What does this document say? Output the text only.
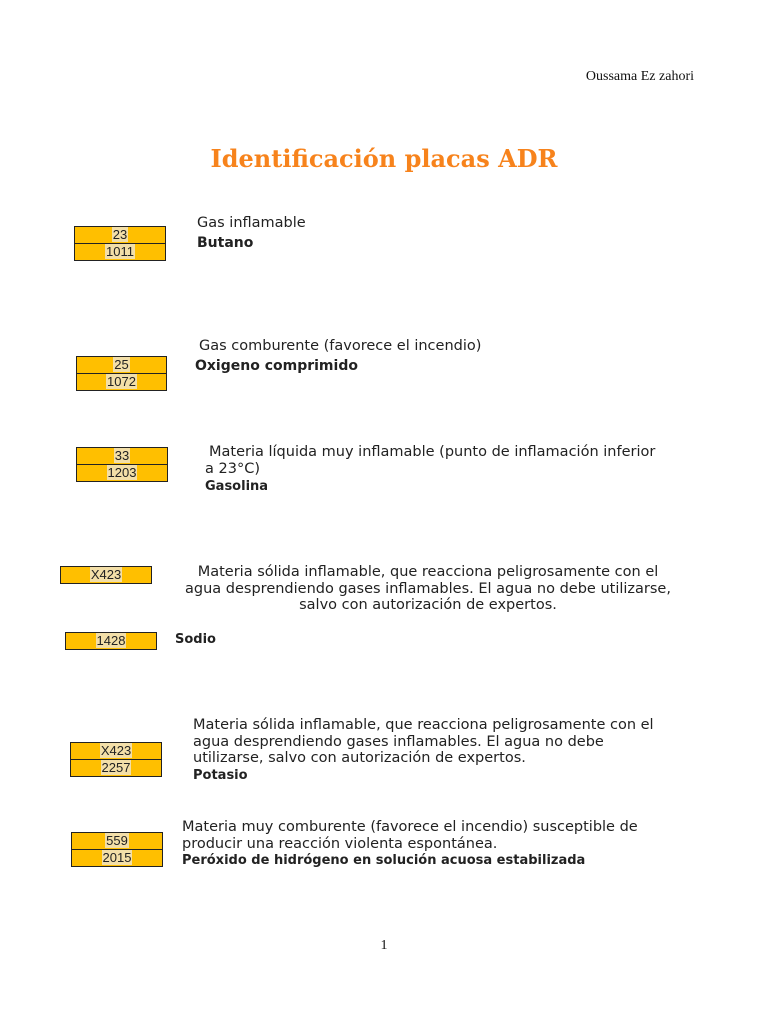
Oussama Ez zahori
Identificación placas ADR
23
1011

Gas inflamable

Butano

25
1072

Gas comburente (favorece el incendio)

Oxigeno comprimido

33
1203
Materia líquida muy inflamable (punto de inflamación inferior
a 23°C)

Gasolina

X423
1428
Materia sólida inflamable, que reacciona peligrosamente con el
agua desprendiendo gases inflamables. El agua no debe utilizarse,
salvo con autorización de expertos.

Sodio

X423
2257
Materia sólida inflamable, que reacciona peligrosamente con el
agua desprendiendo gases inflamables. El agua no debe
utilizarse, salvo con autorización de expertos.

Potasio

559
2015
Materia muy comburente (favorece el incendio) susceptible de
producir una reacción violenta espontánea.

Peróxido de hidrógeno en solución acuosa estabilizada

1
